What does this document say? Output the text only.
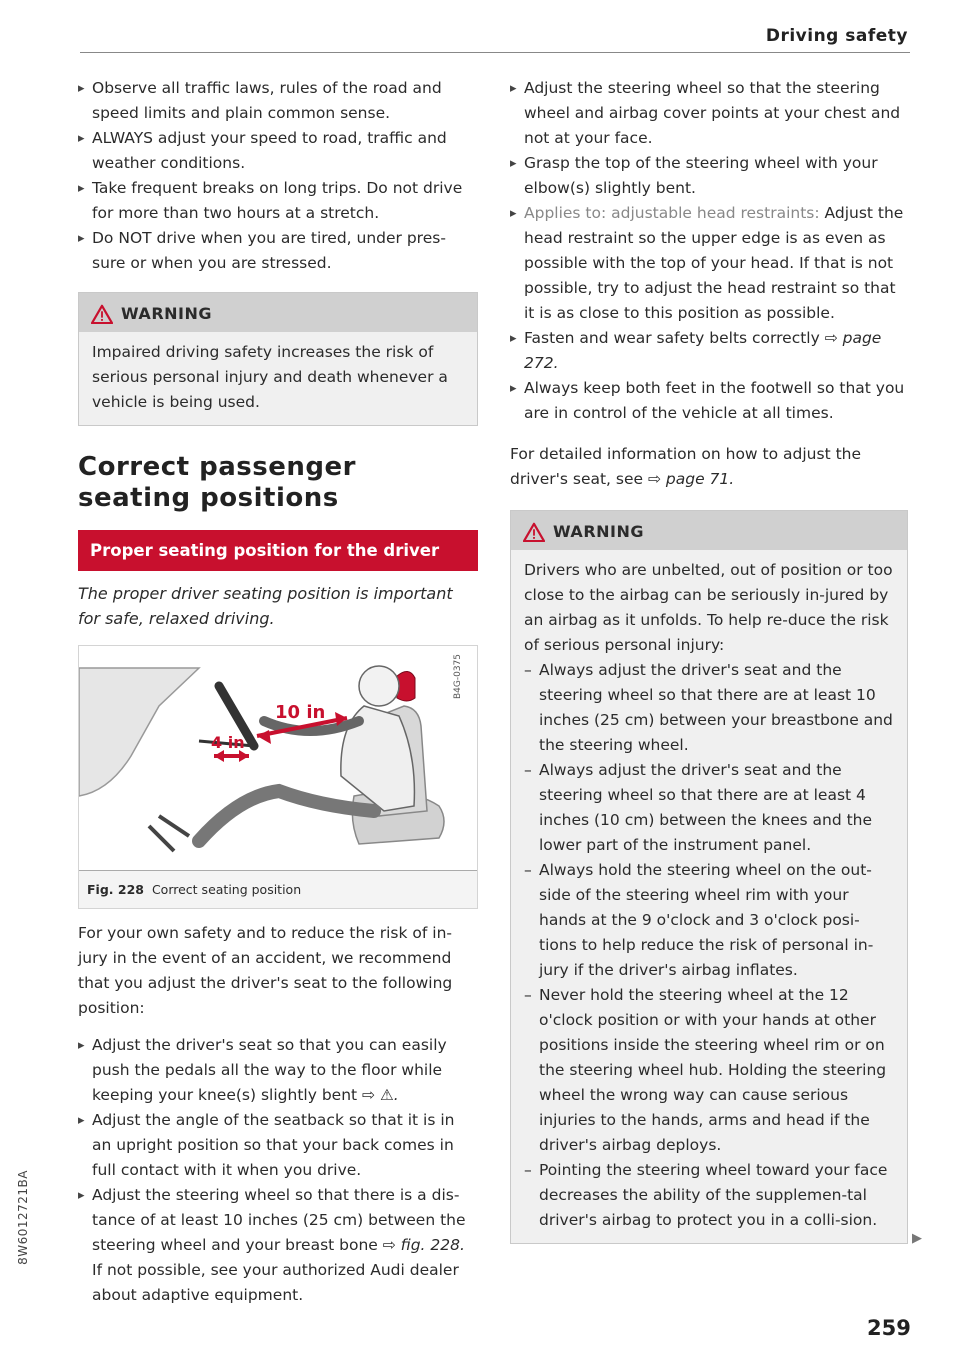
Driving safety
▸ Observe all traffic laws, rules of the road and speed limits and plain common sense.
▸ ALWAYS adjust your speed to road, traffic and weather conditions.
▸ Take frequent breaks on long trips. Do not drive for more than two hours at a stretch.
▸ Do NOT drive when you are tired, under pres-sure or when you are stressed.
WARNING
Impaired driving safety increases the risk of serious personal injury and death whenever a vehicle is being used.
Correct passenger seating positions
Proper seating position for the driver
The proper driver seating position is important for safe, relaxed driving.
B4G-0375
10 in
4 in
Fig. 228 Correct seating position
For your own safety and to reduce the risk of in-jury in the event of an accident, we recommend that you adjust the driver's seat to the following position:
▸ Adjust the driver's seat so that you can easily push the pedals all the way to the floor while keeping your knee(s) slightly bent ⇨ ⚠.
▸ Adjust the angle of the seatback so that it is in an upright position so that your back comes in full contact with it when you drive.
▸ Adjust the steering wheel so that there is a dis-tance of at least 10 inches (25 cm) between the steering wheel and your breast bone ⇨ fig. 228. If not possible, see your authorized Audi dealer about adaptive equipment.
▸ Adjust the steering wheel so that the steering wheel and airbag cover points at your chest and not at your face.
▸ Grasp the top of the steering wheel with your elbow(s) slightly bent.
▸ Applies to: adjustable head restraints: Adjust the head restraint so the upper edge is as even as possible with the top of your head. If that is not possible, try to adjust the head restraint so that it is as close to this position as possible.
▸ Fasten and wear safety belts correctly ⇨ page 272.
▸ Always keep both feet in the footwell so that you are in control of the vehicle at all times.
For detailed information on how to adjust the driver's seat, see ⇨ page 71.
WARNING
Drivers who are unbelted, out of position or too close to the airbag can be seriously in-jured by an airbag as it unfolds. To help re-duce the risk of serious personal injury:
– Always adjust the driver's seat and the steering wheel so that there are at least 10 inches (25 cm) between your breastbone and the steering wheel.
– Always adjust the driver's seat and the steering wheel so that there are at least 4 inches (10 cm) between the knees and the lower part of the instrument panel.
– Always hold the steering wheel on the out-side of the steering wheel rim with your hands at the 9 o'clock and 3 o'clock posi-tions to help reduce the risk of personal in-jury if the driver's airbag inflates.
– Never hold the steering wheel at the 12 o'clock position or with your hands at other positions inside the steering wheel rim or on the steering wheel hub. Holding the steering wheel the wrong way can cause serious injuries to the hands, arms and head if the driver's airbag deploys.
– Pointing the steering wheel toward your face decreases the ability of the supplemen-tal driver's airbag to protect you in a colli-sion.
▶
8W6012721BA
259
